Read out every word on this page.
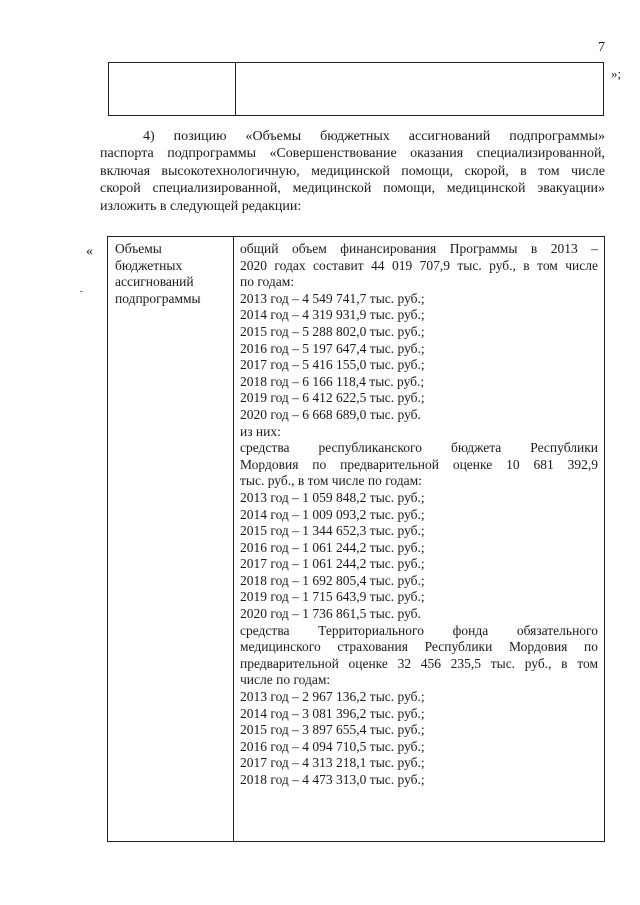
7
»;
4) позицию «Объемы бюджетных ассигнований подпрограммы»
паспорта подпрограммы «Совершенствование оказания специализированной,
включая высокотехнологичную, медицинской помощи, скорой, в том числе
скорой специализированной, медицинской помощи, медицинской эвакуации»
изложить в следующей редакции:
« Объемы
бюджетных
ассигнований
подпрограммы
общий объем финансирования Программы в 2013 –
2020 годах составит 44 019 707,9 тыс. руб., в том числе
по годам:
2013 год – 4 549 741,7 тыс. руб.;
2014 год – 4 319 931,9 тыс. руб.;
2015 год – 5 288 802,0 тыс. руб.;
2016 год – 5 197 647,4 тыс. руб.;
2017 год – 5 416 155,0 тыс. руб.;
2018 год – 6 166 118,4 тыс. руб.;
2019 год – 6 412 622,5 тыс. руб.;
2020 год – 6 668 689,0 тыс. руб.
из них:
средства республиканского бюджета Республики
Мордовия по предварительной оценке 10 681 392,9
тыс. руб., в том числе по годам:
2013 год – 1 059 848,2 тыс. руб.;
2014 год – 1 009 093,2 тыс. руб.;
2015 год – 1 344 652,3 тыс. руб.;
2016 год – 1 061 244,2 тыс. руб.;
2017 год – 1 061 244,2 тыс. руб.;
2018 год – 1 692 805,4 тыс. руб.;
2019 год – 1 715 643,9 тыс. руб.;
2020 год – 1 736 861,5 тыс. руб.
средства Территориального фонда обязательного
медицинского страхования Республики Мордовия по
предварительной оценке 32 456 235,5 тыс. руб., в том
числе по годам:
2013 год – 2 967 136,2 тыс. руб.;
2014 год – 3 081 396,2 тыс. руб.;
2015 год – 3 897 655,4 тыс. руб.;
2016 год – 4 094 710,5 тыс. руб.;
2017 год – 4 313 218,1 тыс. руб.;
2018 год – 4 473 313,0 тыс. руб.;
